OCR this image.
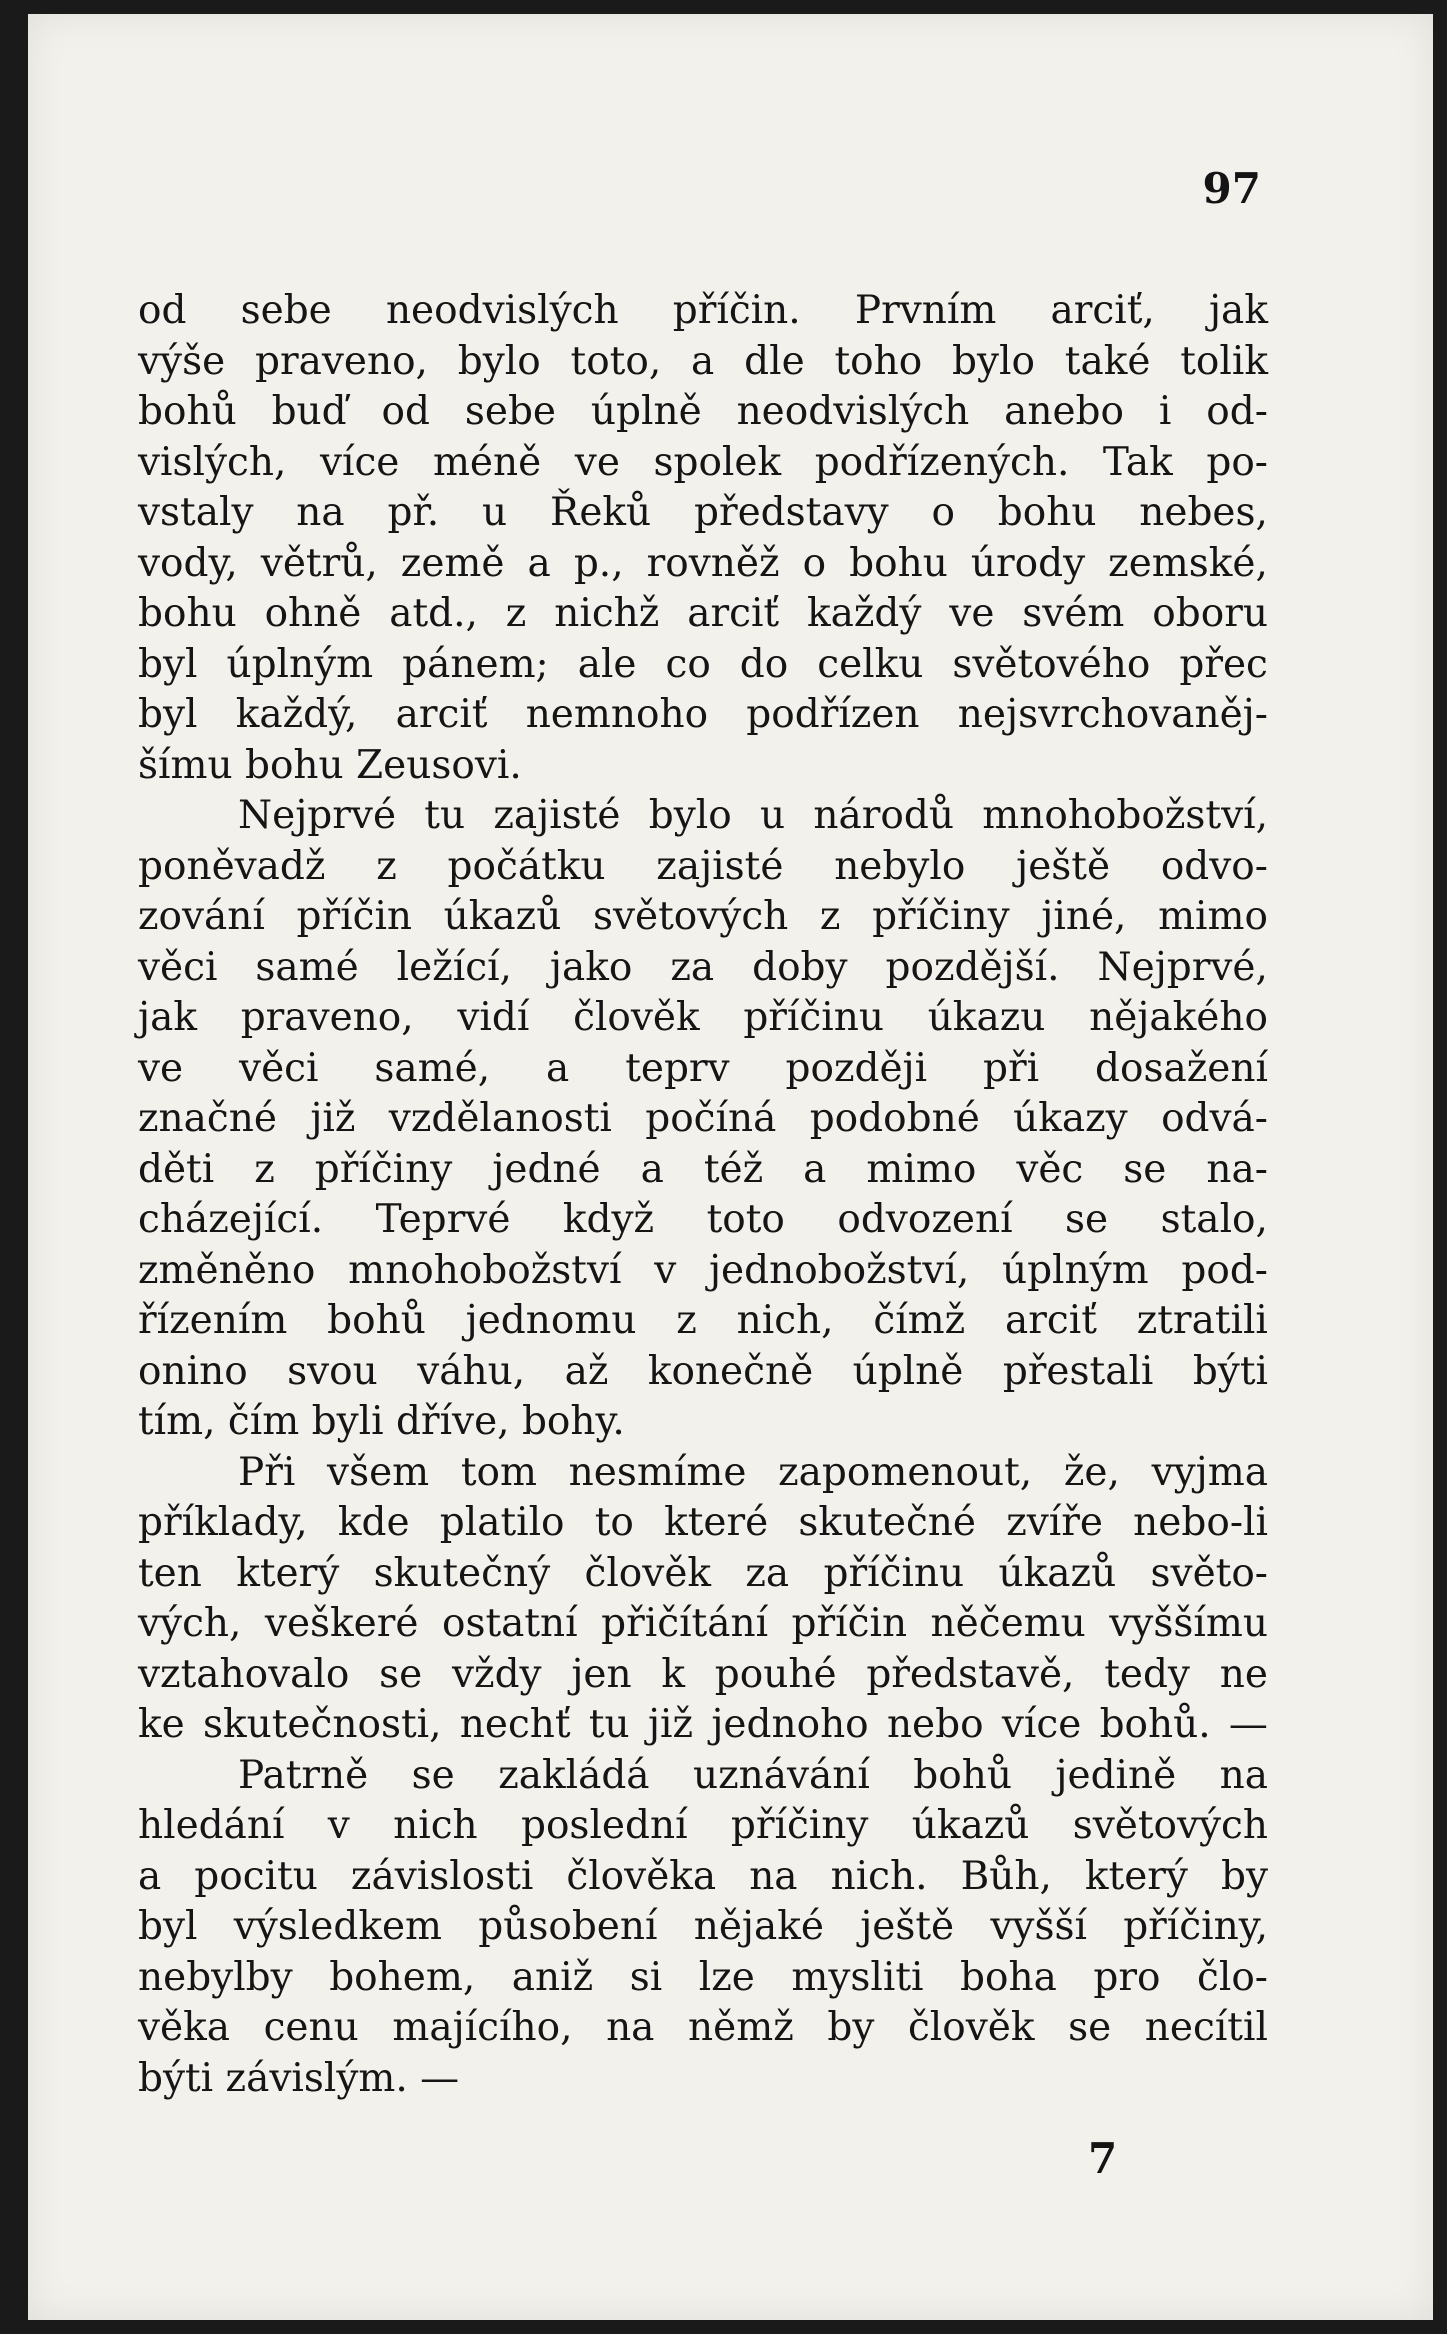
97

od sebe neodvislých příčin. Prvním arciť, jak
výše praveno, bylo toto, a dle toho bylo také tolik
bohů buď od sebe úplně neodvislých anebo i od-
vislých, více méně ve spolek podřízených. Tak po-
vstaly na př. u Řeků představy o bohu nebes,
vody, větrů, země a p., rovněž o bohu úrody zemské,
bohu ohně atd., z nichž arciť každý ve svém oboru
byl úplným pánem; ale co do celku světového přec
byl každý, arciť nemnoho podřízen nejsvrchovaněj-
šímu bohu Zeusovi.

Nejprvé tu zajisté bylo u národů mnohobožství,
poněvadž z počátku zajisté nebylo ještě odvo-
zování příčin úkazů světových z příčiny jiné, mimo
věci samé ležící, jako za doby pozdější. Nejprvé,
jak praveno, vidí člověk příčinu úkazu nějakého
ve věci samé, a teprv později při dosažení
značné již vzdělanosti počíná podobné úkazy odvá-
děti z příčiny jedné a též a mimo věc se na-
cházející. Teprvé když toto odvození se stalo,
změněno mnohobožství v jednobožství, úplným pod-
řízením bohů jednomu z nich, čímž arciť ztratili
onino svou váhu, až konečně úplně přestali býti
tím, čím byli dříve, bohy.

Při všem tom nesmíme zapomenout, že, vyjma
příklady, kde platilo to které skutečné zvíře nebo-li
ten který skutečný člověk za příčinu úkazů světo-
vých, veškeré ostatní přičítání příčin něčemu vyššímu
vztahovalo se vždy jen k pouhé představě, tedy ne
ke skutečnosti, nechť tu již jednoho nebo více bohů. —

Patrně se zakládá uznávání bohů jedině na
hledání v nich poslední příčiny úkazů světových
a pocitu závislosti člověka na nich. Bůh, který by
byl výsledkem působení nějaké ještě vyšší příčiny,
nebylby bohem, aniž si lze mysliti boha pro člo-
věka cenu majícího, na němž by člověk se necítil
býti závislým. —

7
